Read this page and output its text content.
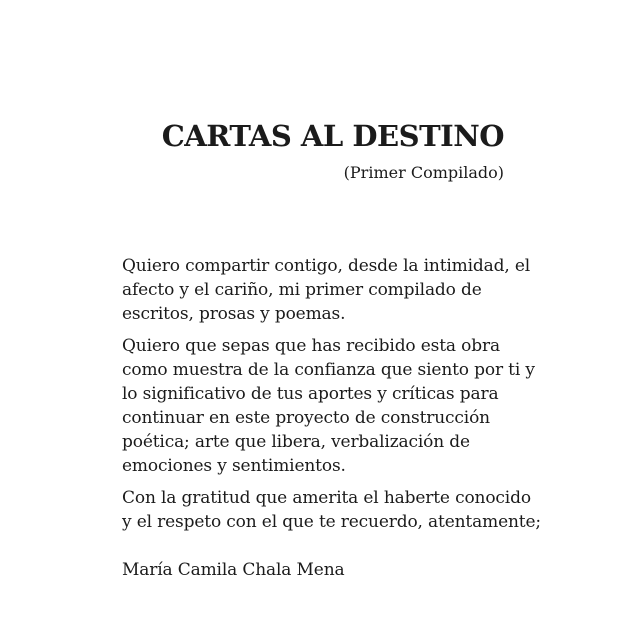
CARTAS AL DESTINO
(Primer Compilado)

Quiero compartir contigo, desde la intimidad, el
afecto y el cariño, mi primer compilado de
escritos, prosas y poemas.

Quiero que sepas que has recibido esta obra
como muestra de la confianza que siento por ti y
lo significativo de tus aportes y críticas para
continuar en este proyecto de construcción
poética; arte que libera, verbalización de
emociones y sentimientos.

Con la gratitud que amerita el haberte conocido
y el respeto con el que te recuerdo, atentamente;

María Camila Chala Mena
